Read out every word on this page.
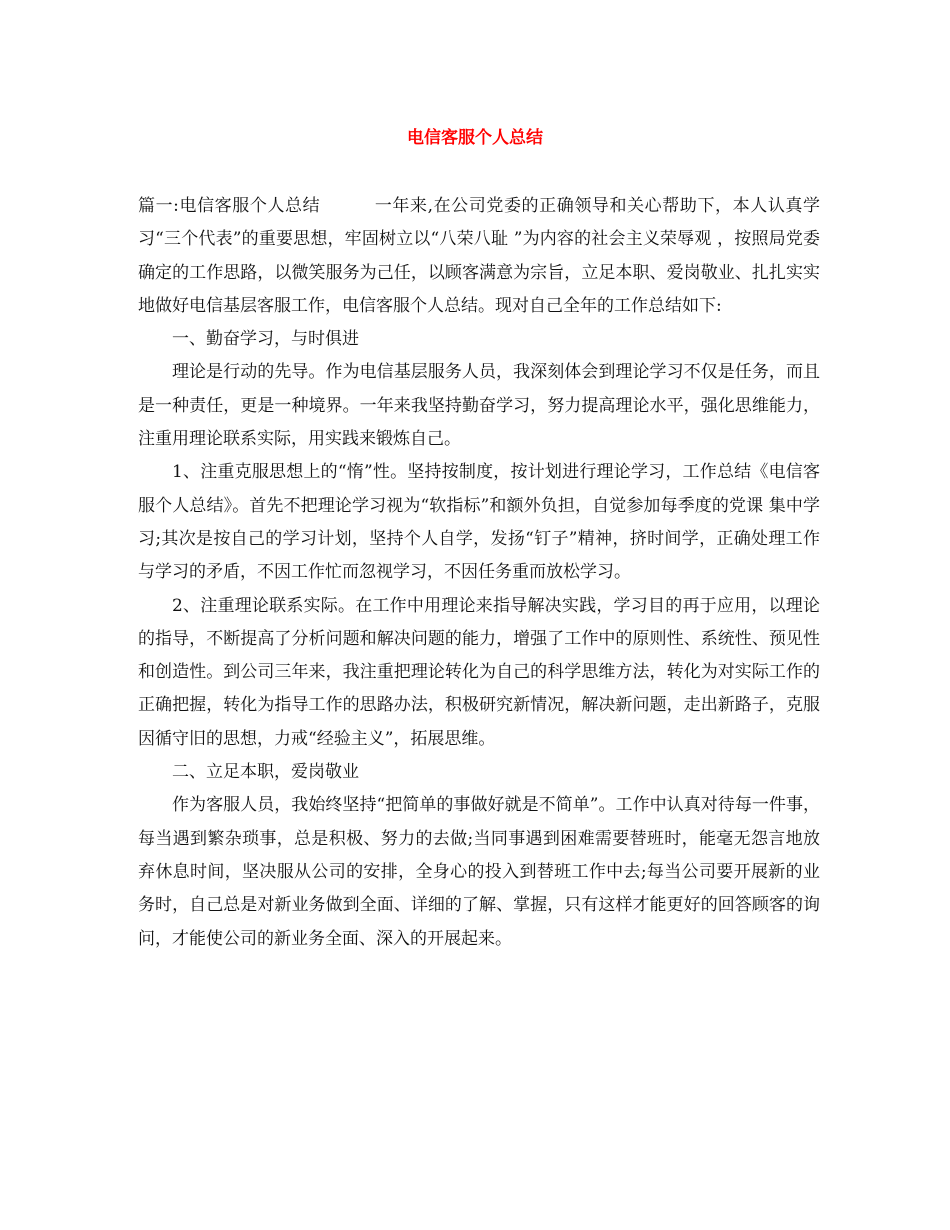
电信客服个人总结

篇一:电信客服个人总结	一年来,在公司党委的正确领导和关心帮助下，本人认真学习“三个代表”的重要思想，牢固树立以“八荣八耻 ”为内容的社会主义荣辱观 ，按照局党委确定的工作思路，以微笑服务为己任，以顾客满意为宗旨，立足本职、爱岗敬业、扎扎实实地做好电信基层客服工作，电信客服个人总结。现对自己全年的工作总结如下:

一、勤奋学习，与时俱进

理论是行动的先导。作为电信基层服务人员，我深刻体会到理论学习不仅是任务，而且是一种责任，更是一种境界。一年来我坚持勤奋学习，努力提高理论水平，强化思维能力，注重用理论联系实际，用实践来锻炼自己。

1、注重克服思想上的“惰”性。坚持按制度，按计划进行理论学习，工作总结《电信客服个人总结》。首先不把理论学习视为“软指标”和额外负担，自觉参加每季度的党课 集中学习;其次是按自己的学习计划，坚持个人自学，发扬“钉子”精神，挤时间学，正确处理工作与学习的矛盾，不因工作忙而忽视学习，不因任务重而放松学习。

2、注重理论联系实际。在工作中用理论来指导解决实践，学习目的再于应用，以理论的指导，不断提高了分析问题和解决问题的能力，增强了工作中的原则性、系统性、预见性和创造性。到公司三年来，我注重把理论转化为自己的科学思维方法，转化为对实际工作的正确把握，转化为指导工作的思路办法，积极研究新情况，解决新问题，走出新路子，克服因循守旧的思想，力戒“经验主义”，拓展思维。

二、立足本职，爱岗敬业

作为客服人员，我始终坚持“把简单的事做好就是不简单”。工作中认真对待每一件事，每当遇到繁杂琐事，总是积极、努力的去做;当同事遇到困难需要替班时，能毫无怨言地放弃休息时间，坚决服从公司的安排，全身心的投入到替班工作中去;每当公司要开展新的业务时，自己总是对新业务做到全面、详细的了解、掌握，只有这样才能更好的回答顾客的询问，才能使公司的新业务全面、深入的开展起来。
